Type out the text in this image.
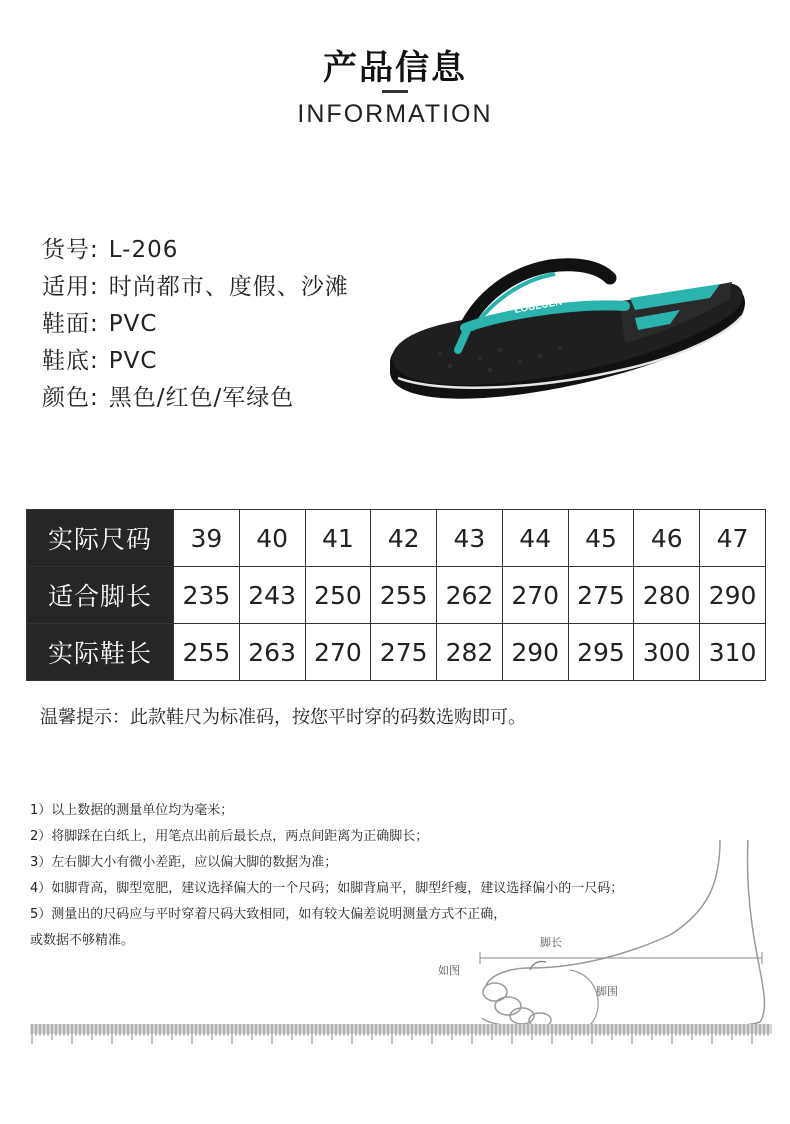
产品信息
INFORMATION
货号: L-206
适用: 时尚都市、度假、沙滩
鞋面: PVC
鞋底: PVC
颜色: 黑色/红色/军绿色
LOULUEN
实际尺码	39	40	41	42	43	44	45	46	47
适合脚长	235	243	250	255	262	270	275	280	290
实际鞋长	255	263	270	275	282	290	295	300	310
温馨提示：此款鞋尺为标准码，按您平时穿的码数选购即可。
1）以上数据的测量单位均为毫米；
2）将脚踩在白纸上，用笔点出前后最长点，两点间距离为正确脚长；
3）左右脚大小有微小差距，应以偏大脚的数据为准；
4）如脚背高，脚型宽肥，建议选择偏大的一个尺码；如脚背扁平，脚型纤瘦，建议选择偏小的一尺码；
5）测量出的尺码应与平时穿着尺码大致相同，如有较大偏差说明测量方式不正确，
或数据不够精准。	脚长
如图
脚围
